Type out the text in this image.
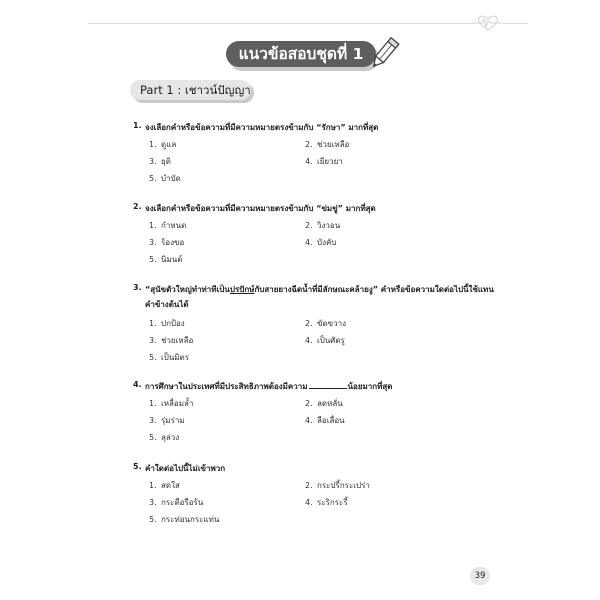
แนวข้อสอบชุดที่ 1
Part 1 : เชาวน์ปัญญา
1. จงเลือกคำหรือข้อความที่มีความหมายตรงข้ามกับ “รักษา” มากที่สุด
1. ดูแล	2. ช่วยเหลือ
3. ยุติ	4. เยียวยา
5. บำบัด
2. จงเลือกคำหรือข้อความที่มีความหมายตรงข้ามกับ “ข่มขู่” มากที่สุด
1. กำหนด	2. วิงวอน
3. ร้องขอ	4. บังคับ
5. นิมนต์
3. “สุนัขตัวใหญ่ทำท่าทีเป็นปรปักษ์กับสายยางฉีดน้ำที่มีลักษณะคล้ายงู” คำหรือข้อความใดต่อไปนี้ใช้แทน
คำข้างต้นได้
1. ปกป้อง	2. ขัดขวาง
3. ช่วยเหลือ	4. เป็นศัตรู
5. เป็นมิตร
4. การศึกษาในประเทศที่มีประสิทธิภาพต้องมีความ	น้อยมากที่สุด
1. เหลื่อมล้ำ	2. ลดหลั่น
3. รุ่มร่าม	4. ลือเลื่อน
5. ลุล่วง
5. คำใดต่อไปนี้ไม่เข้าพวก
1. สดใส	2. กระปรี้กระเปร่า
3. กระตือรือร้น	4. ระริกระรี้
5. กระท่อนกระแท่น
39
